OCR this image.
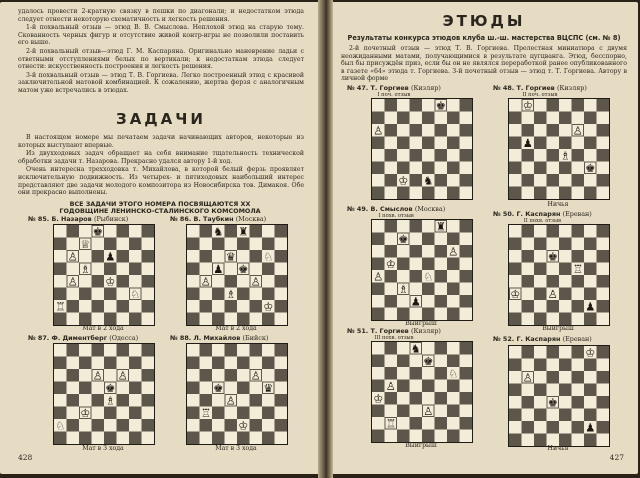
удалось провести 2-кратную связку в пешки по диагонали; и недостатком этюда следует отнести некоторую схематичность и легкость решения.

1-й похвальный отзыв — этюд В. В. Смыслова. Неплохой этюд на старую тему. Скованность черных фигур и отсутствие живой контр-игры не позволили поставить его выше.

2-й похвальный отзыв—этюд Г. М. Каспаряна. Оригинально маневрение ладьи с ответными отступлениями белых по вертикали; к недостаткам этюда следует отнести: искусственность построения и легкость решения.

3-й похвальный отзыв — этюд Т. В. Горгиева. Легко построенный этюд с красивой заключительной матовой комбинацией. К сожалению, жертва ферзя с аналогичным матом уже встречались в этюдах.

ЗАДАЧИ

В настоящем номере мы печатаем задачи начинающих авторов, некоторые из которых выступают впервые.

Из двухходовых задач обращает на себя внимание тщательность технической обработки задачи т. Назарова. Прекрасно удался автору 1-й ход.

Очень интересна трехходовка т. Михайлова, в которой белый ферзь проявляет исключительную подвижность. Из четырех- и пятиходовых наибольший интерес представляют две задачи молодого композитора из Новосибирска тов. Димакоя. Обе они прекрасно выполнены.

ВСЕ ЗАДАЧИ ЭТОГО НОМЕРА ПОСВЯЩАЮТСЯ ХХ ГОДОВЩИНЕ ЛЕНИНСКО-СТАЛИНСКОГО КОМСОМОЛА
№ 85. Б. Назаров (Рыбинск)
Мат в 2 хода
№ 86. В. Таубкин (Москва)
Мат в 2 хода
№ 87. Ф. Диментберг (Одесса)
Мат в 3 хода
№ 88. Л. Михайлов (Бийск)
Мат в 3 хода
428
ЭТЮДЫ
Результаты конкурса этюдов клуба ш.-ш. мастерства ВЦСПС (см. № 8)

2-й почетный отзыв — этюд Т. В. Горгиева. Прелестная миниатюра с двумя неожиданными матами, получающимися в результате цугцванга. Этюд, бесспорно, был бы присуждён приз, если бы он не являлся переработкой ранее опубликованного в газете «64» этюда т. Горгиева. 3-й почетный отзыв — этюд т. Т. Горгиева. Автору в личной форме

№ 47. Т. Горгиев (Кизляр)
I поч. отзыв
№ 48. Т. Горгиев (Кизляр)
II поч. отзыв
Ничья
№ 49. В. Смыслов (Москва)
I похв. отзыв
Выигрыш
№ 50. Г. Каспарян (Ереван)
II похв. отзыв
Выигрыш
№ 51. Т. Горгиев (Кизляр)
III похв. отзыв
Выигрыш
№ 52. Г. Каспарян (Ереван)
Ничья
427
